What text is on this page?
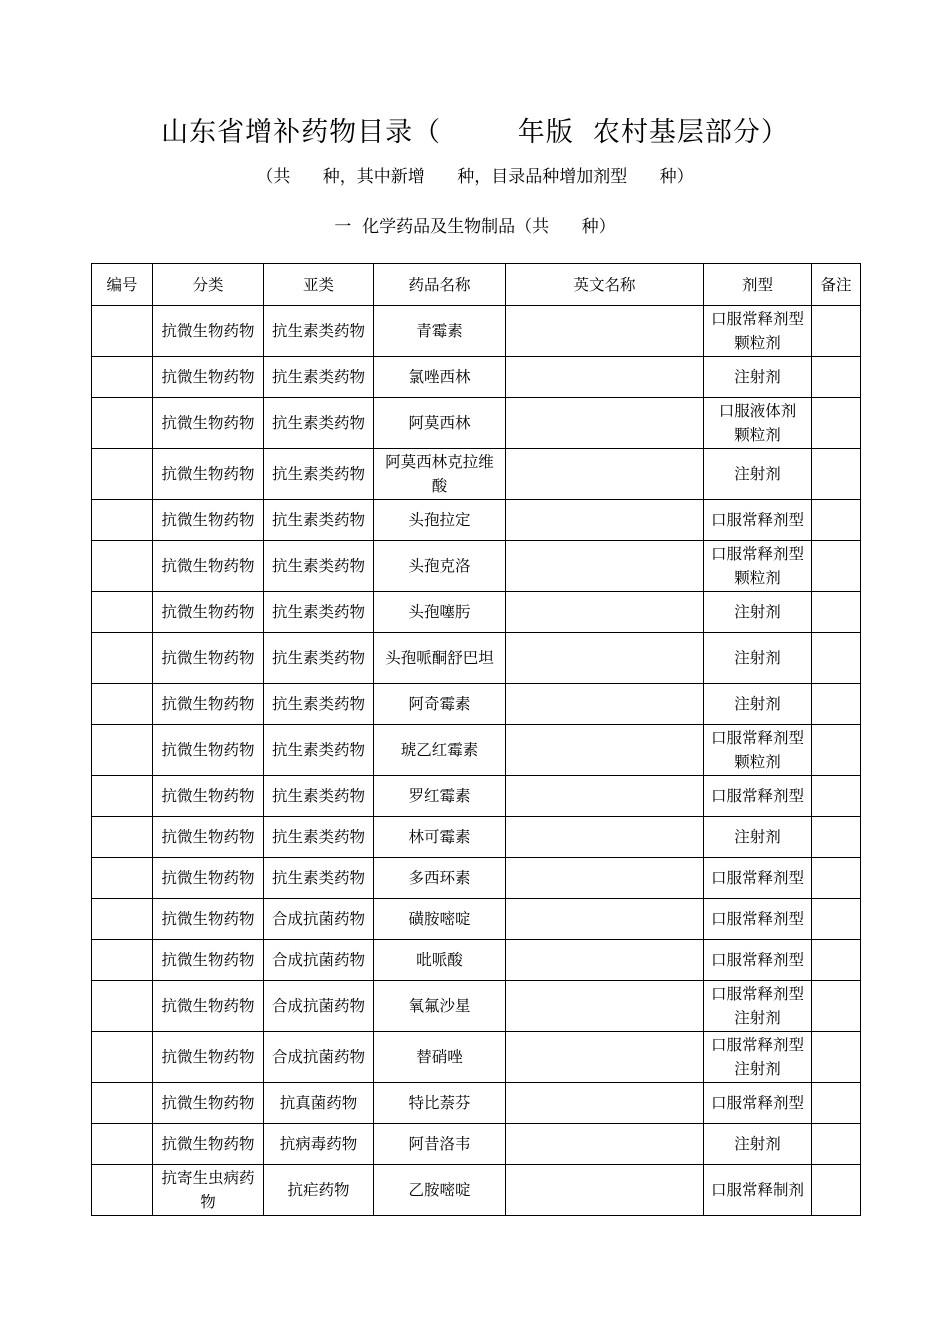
山东省增补药物目录（        年版  农村基层部分）
（共      种，其中新增      种，目录品种增加剂型      种）
一  化学药品及生物制品（共      种）
编号	分类	亚类	药品名称	英文名称	剂型	备注
	抗微生物药物	抗生素类药物	青霉素		口服常释剂型
颗粒剂	
	抗微生物药物	抗生素类药物	氯唑西林		注射剂	
	抗微生物药物	抗生素类药物	阿莫西林		口服液体剂
颗粒剂	
	抗微生物药物	抗生素类药物	阿莫西林克拉维
酸		注射剂	
	抗微生物药物	抗生素类药物	头孢拉定		口服常释剂型	
	抗微生物药物	抗生素类药物	头孢克洛		口服常释剂型
颗粒剂	
	抗微生物药物	抗生素类药物	头孢噻肟		注射剂	
	抗微生物药物	抗生素类药物	头孢哌酮舒巴坦		注射剂	
	抗微生物药物	抗生素类药物	阿奇霉素		注射剂	
	抗微生物药物	抗生素类药物	琥乙红霉素		口服常释剂型
颗粒剂	
	抗微生物药物	抗生素类药物	罗红霉素		口服常释剂型	
	抗微生物药物	抗生素类药物	林可霉素		注射剂	
	抗微生物药物	抗生素类药物	多西环素		口服常释剂型	
	抗微生物药物	合成抗菌药物	磺胺嘧啶		口服常释剂型	
	抗微生物药物	合成抗菌药物	吡哌酸		口服常释剂型	
	抗微生物药物	合成抗菌药物	氧氟沙星		口服常释剂型
注射剂	
	抗微生物药物	合成抗菌药物	替硝唑		口服常释剂型
注射剂	
	抗微生物药物	抗真菌药物	特比萘芬		口服常释剂型	
	抗微生物药物	抗病毒药物	阿昔洛韦		注射剂	
	抗寄生虫病药
物	抗疟药物	乙胺嘧啶		口服常释制剂	
